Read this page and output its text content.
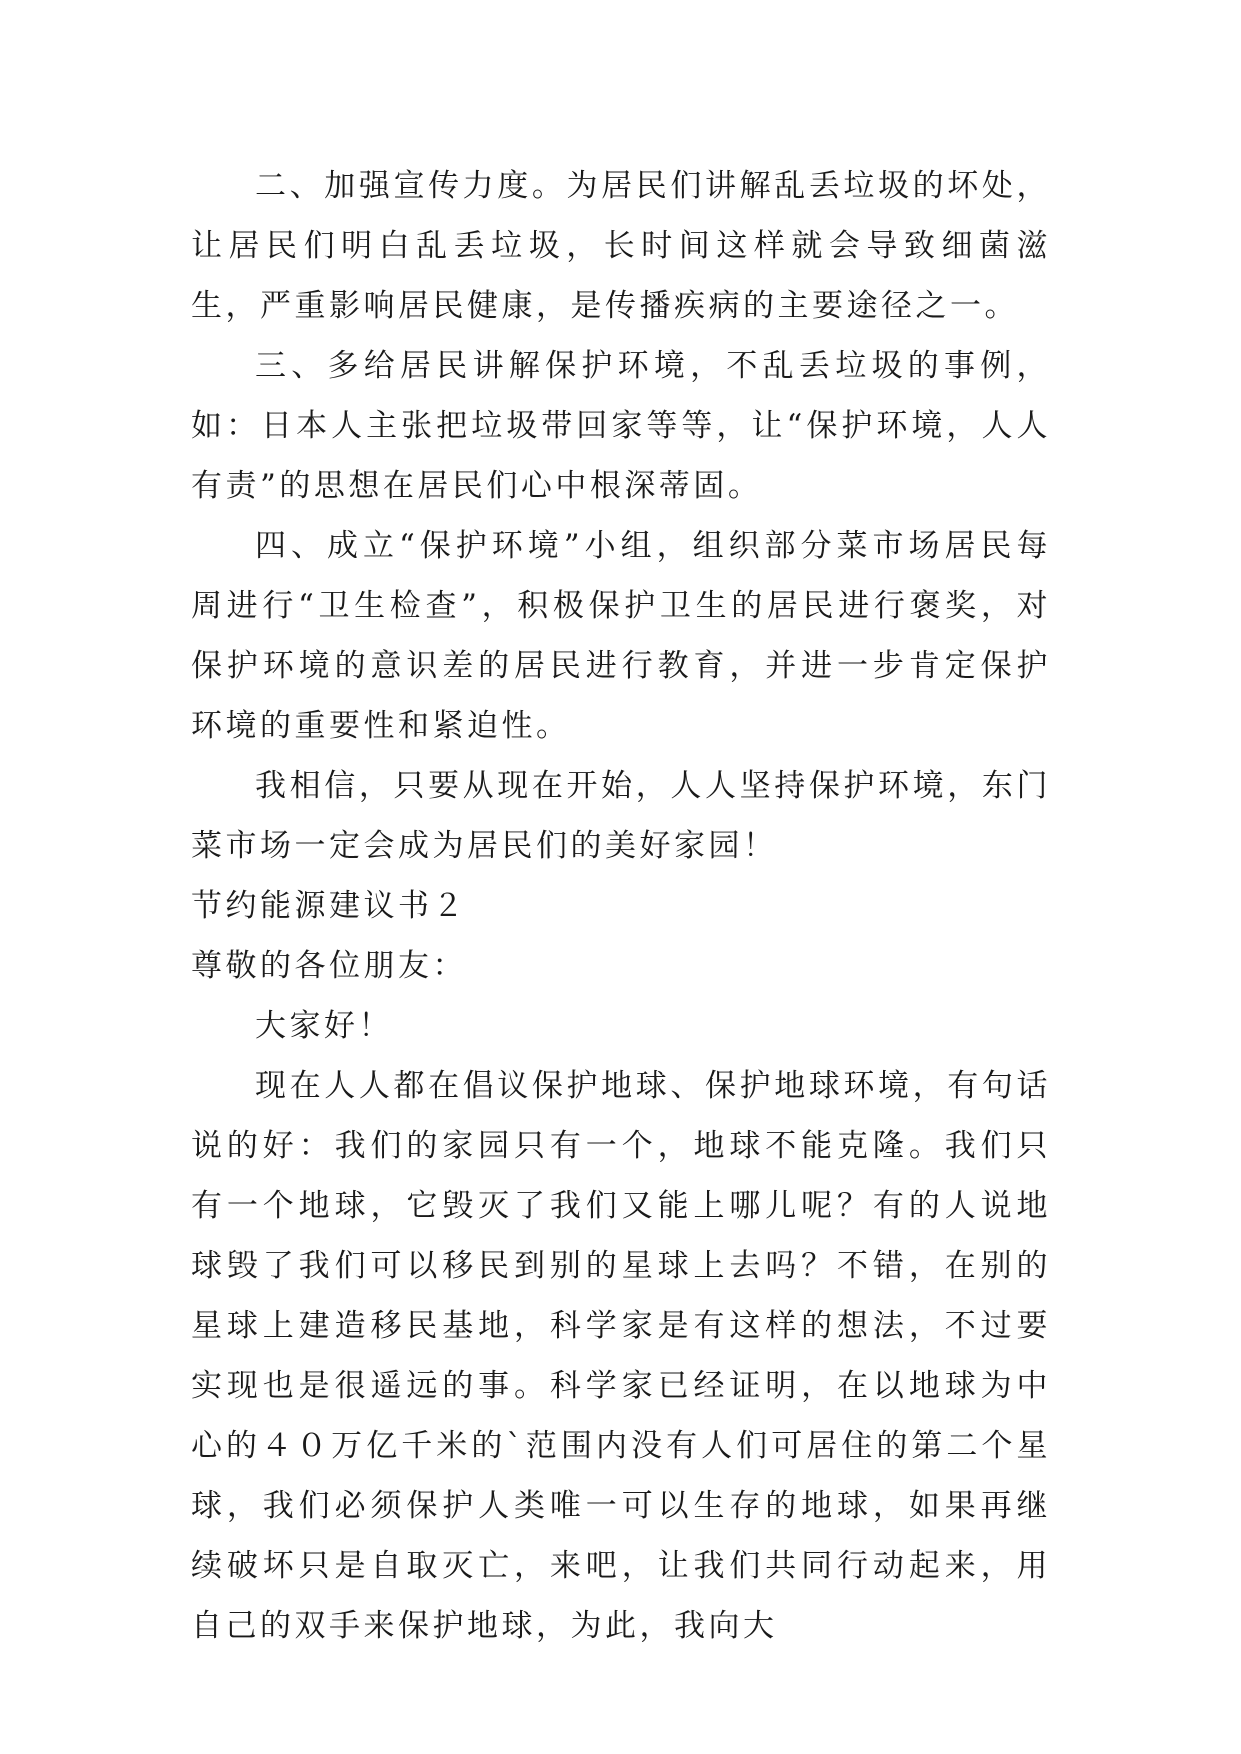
二、加强宣传力度。为居民们讲解乱丢垃圾的坏处，让居民们明白乱丢垃圾，长时间这样就会导致细菌滋生，严重影响居民健康，是传播疾病的主要途径之一。

三、多给居民讲解保护环境，不乱丢垃圾的事例，如：日本人主张把垃圾带回家等等，让“保护环境，人人有责”的思想在居民们心中根深蒂固。

四、成立“保护环境”小组，组织部分菜市场居民每周进行“卫生检查”，积极保护卫生的居民进行褒奖，对保护环境的意识差的居民进行教育，并进一步肯定保护环境的重要性和紧迫性。

我相信，只要从现在开始，人人坚持保护环境，东门菜市场一定会成为居民们的美好家园！

节约能源建议书２

尊敬的各位朋友：

大家好！

现在人人都在倡议保护地球、保护地球环境，有句话说的好：我们的家园只有一个，地球不能克隆。我们只有一个地球，它毁灭了我们又能上哪儿呢？有的人说地球毁了我们可以移民到别的星球上去吗？不错，在别的星球上建造移民基地，科学家是有这样的想法，不过要实现也是很遥远的事。科学家已经证明，在以地球为中心的４０万亿千米的`范围内没有人们可居住的第二个星球，我们必须保护人类唯一可以生存的地球，如果再继续破坏只是自取灭亡，来吧，让我们共同行动起来，用自己的双手来保护地球，为此，我向大
